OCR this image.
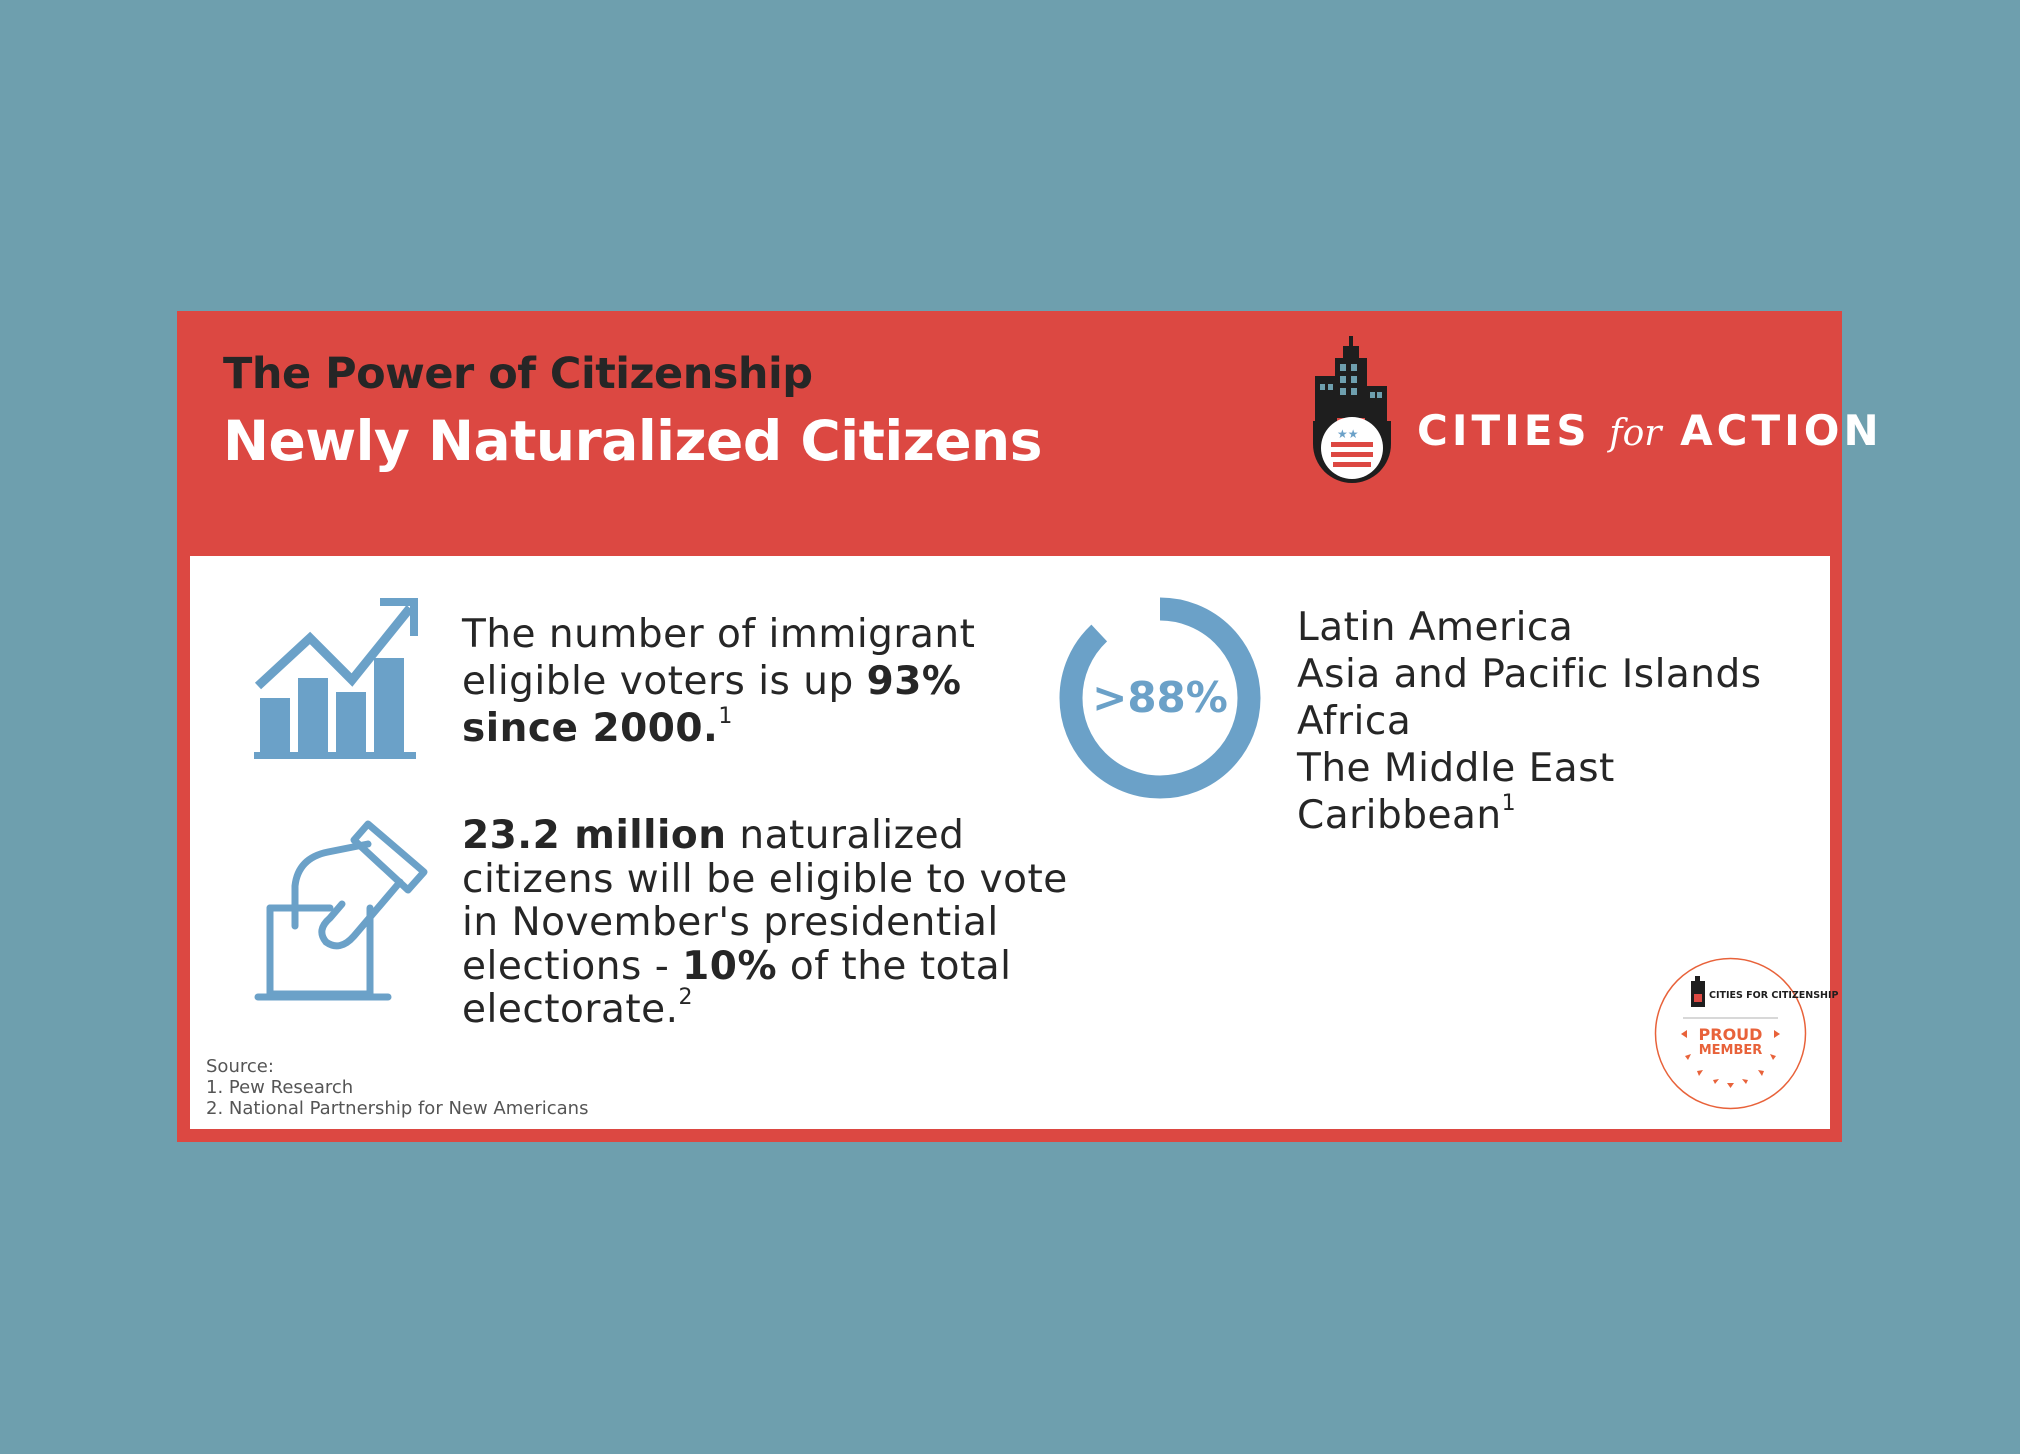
The Power of Citizenship
Newly Naturalized Citizens	★★ CITIES for ACTION
The number of immigrant eligible voters is up 93% since 2000.$^1$
23.2 million naturalized citizens will be eligible to vote in November's presidential elections - 10% of the total electorate.$^2$
>88%
Latin America
Asia and Pacific Islands
Africa
The Middle East
Caribbean$^1$
CITIES FOR CITIZENSHIP
PROUD
MEMBER
Source:
1. Pew Research
2. National Partnership for New Americans
